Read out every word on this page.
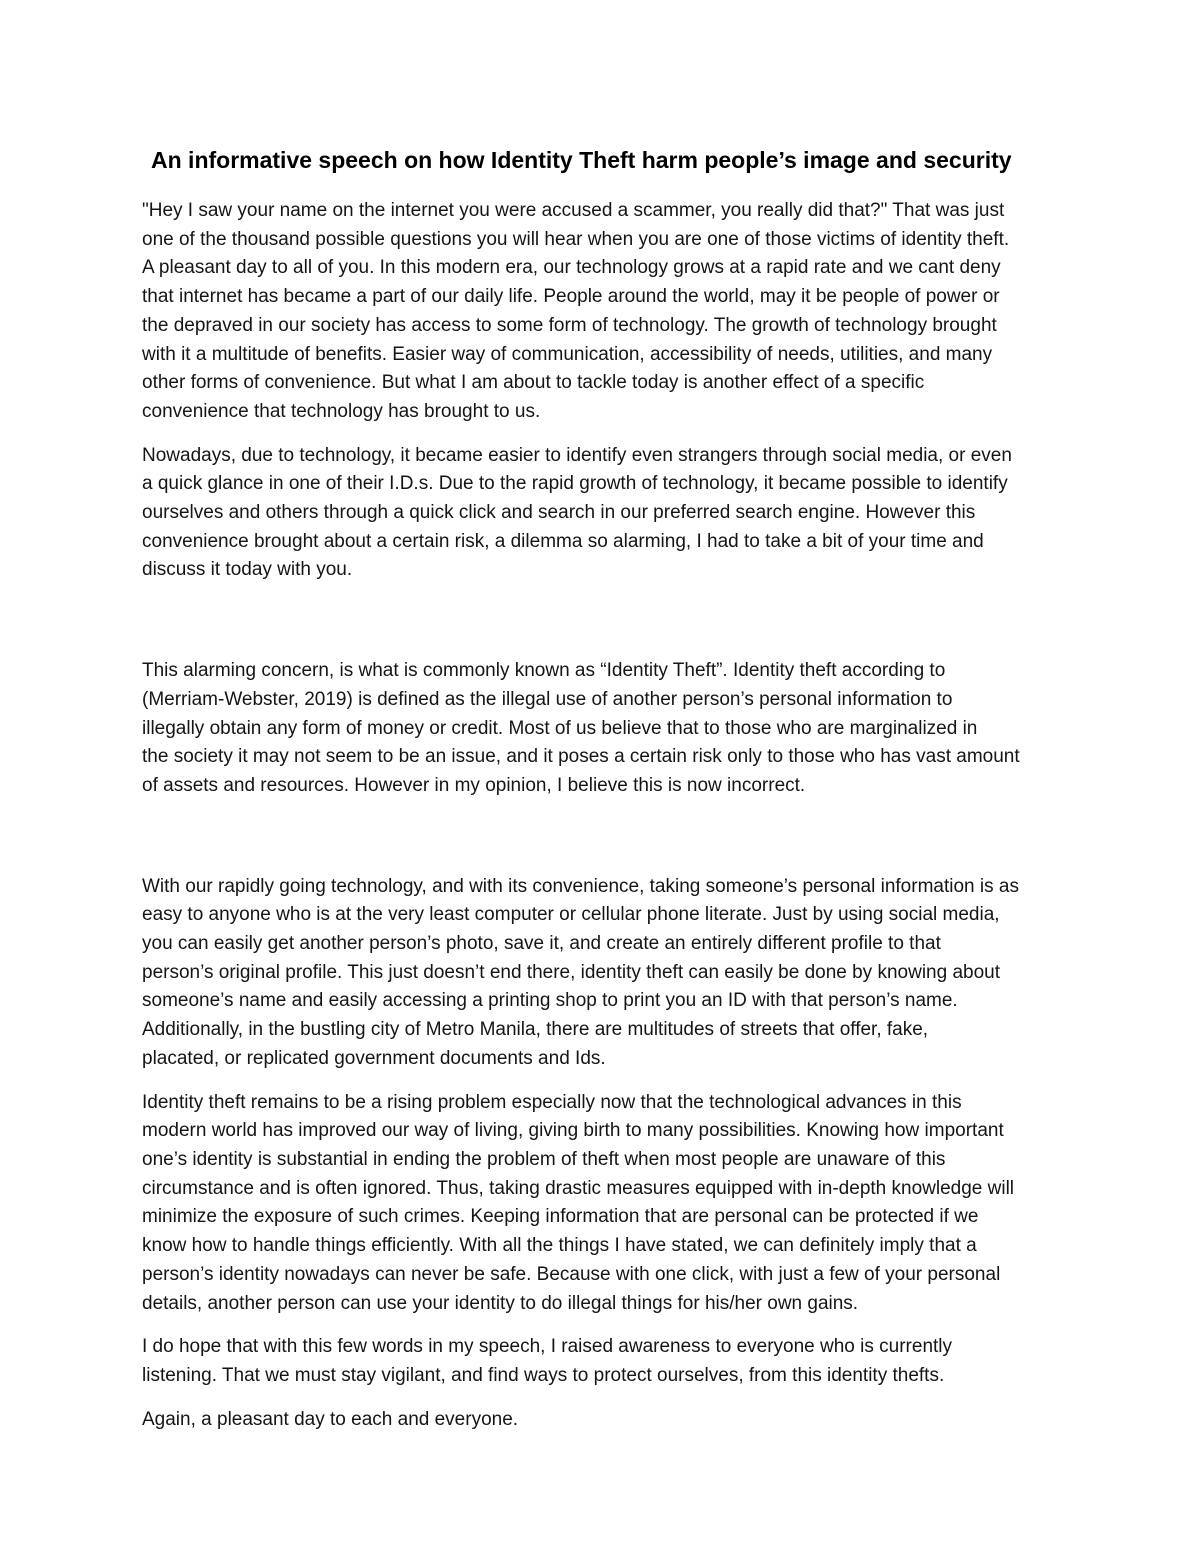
An informative speech on how Identity Theft harm people’s image and security
"Hey I saw your name on the internet you were accused a scammer, you really did that?" That was just
one of the thousand possible questions you will hear when you are one of those victims of identity theft.
A pleasant day to all of you. In this modern era, our technology grows at a rapid rate and we cant deny
that internet has became a part of our daily life. People around the world, may it be people of power or
the depraved in our society has access to some form of technology. The growth of technology brought
with it a multitude of benefits. Easier way of communication, accessibility of needs, utilities, and many
other forms of convenience. But what I am about to tackle today is another effect of a specific
convenience that technology has brought to us.
Nowadays, due to technology, it became easier to identify even strangers through social media, or even
a quick glance in one of their I.D.s. Due to the rapid growth of technology, it became possible to identify
ourselves and others through a quick click and search in our preferred search engine. However this
convenience brought about a certain risk, a dilemma so alarming, I had to take a bit of your time and
discuss it today with you.
This alarming concern, is what is commonly known as “Identity Theft”. Identity theft according to
(Merriam-Webster, 2019) is defined as the illegal use of another person’s personal information to
illegally obtain any form of money or credit. Most of us believe that to those who are marginalized in
the society it may not seem to be an issue, and it poses a certain risk only to those who has vast amount
of assets and resources. However in my opinion, I believe this is now incorrect.
With our rapidly going technology, and with its convenience, taking someone’s personal information is as
easy to anyone who is at the very least computer or cellular phone literate. Just by using social media,
you can easily get another person’s photo, save it, and create an entirely different profile to that
person’s original profile. This just doesn’t end there, identity theft can easily be done by knowing about
someone’s name and easily accessing a printing shop to print you an ID with that person’s name.
Additionally, in the bustling city of Metro Manila, there are multitudes of streets that offer, fake,
placated, or replicated government documents and Ids.
Identity theft remains to be a rising problem especially now that the technological advances in this
modern world has improved our way of living, giving birth to many possibilities. Knowing how important
one’s identity is substantial in ending the problem of theft when most people are unaware of this
circumstance and is often ignored. Thus, taking drastic measures equipped with in-depth knowledge will
minimize the exposure of such crimes. Keeping information that are personal can be protected if we
know how to handle things efficiently. With all the things I have stated, we can definitely imply that a
person’s identity nowadays can never be safe. Because with one click, with just a few of your personal
details, another person can use your identity to do illegal things for his/her own gains.
I do hope that with this few words in my speech, I raised awareness to everyone who is currently
listening. That we must stay vigilant, and find ways to protect ourselves, from this identity thefts.
Again, a pleasant day to each and everyone.
